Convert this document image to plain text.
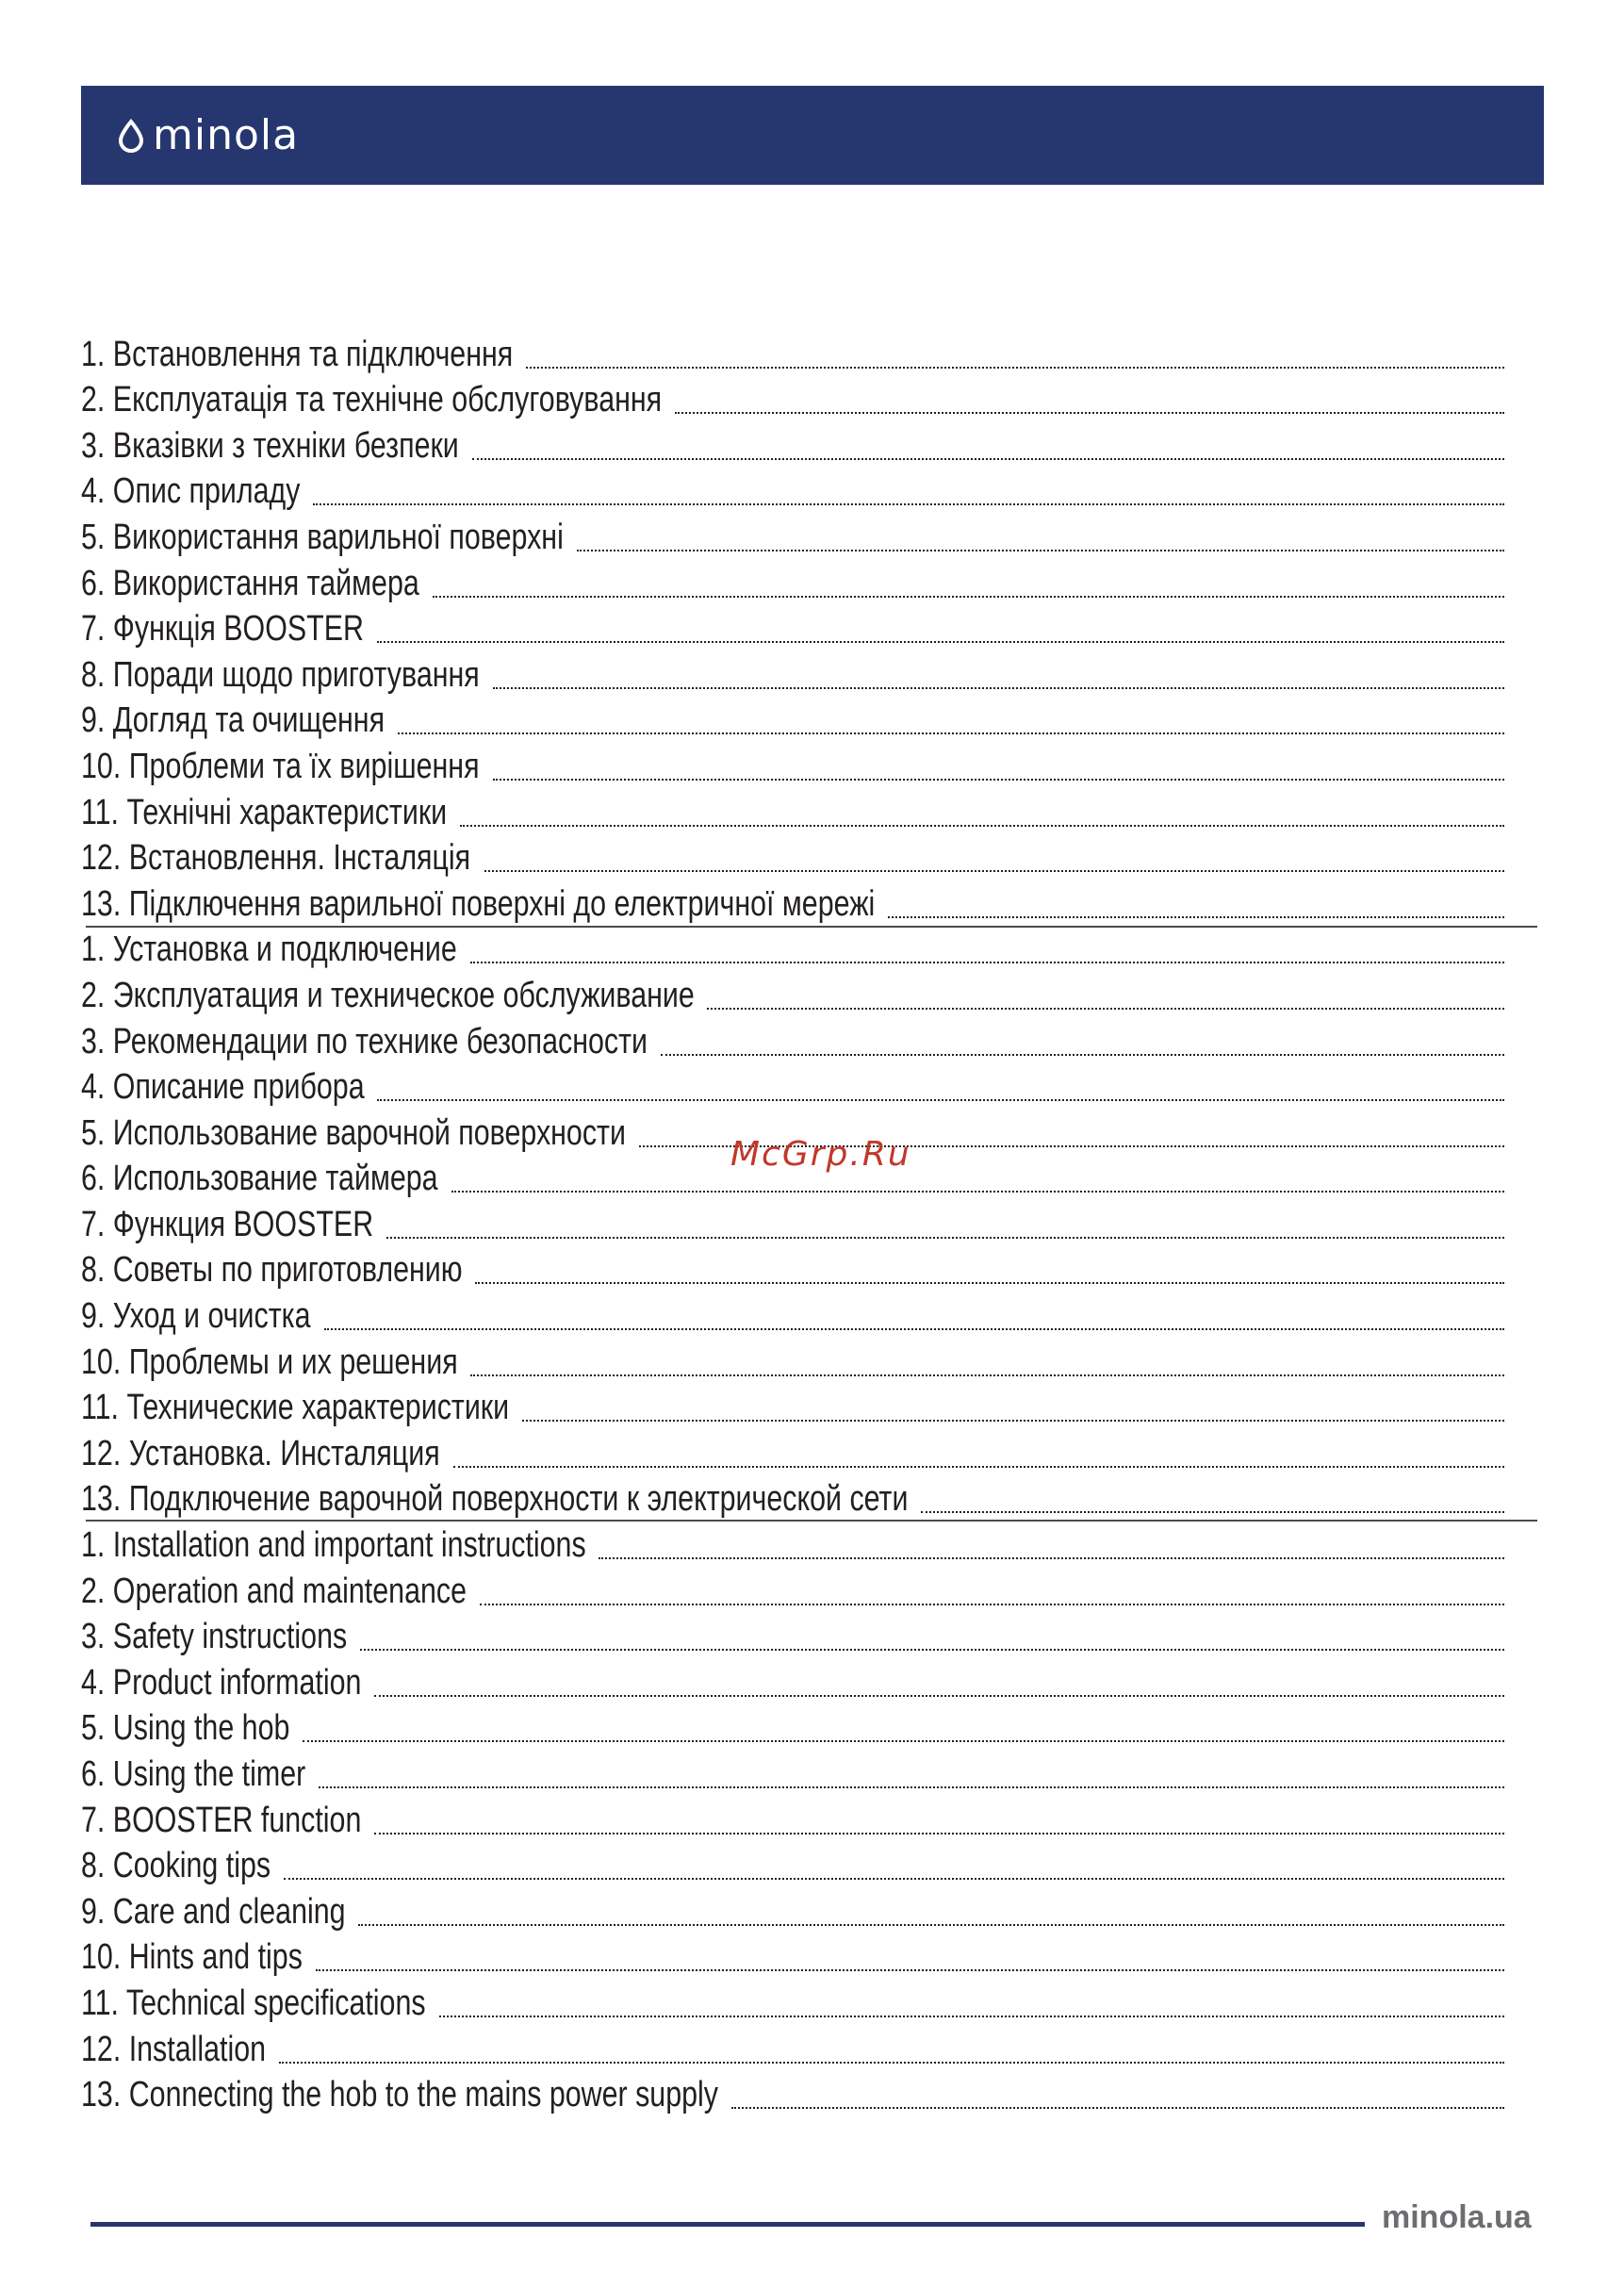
minola
1. Встановлення та підключення
2. Експлуатація та технічне обслуговування
3. Вказівки з техніки безпеки
4. Опис приладу
5. Використання варильної поверхні
6. Використання таймера
7. Функція BOOSTER
8. Поради щодо приготування
9. Догляд та очищення
10. Проблеми та їх вирішення
11. Технічні характеристики
12. Встановлення. Інсталяція
13. Підключення варильної поверхні до електричної мережі
1. Установка и подключение
2. Эксплуатация и техническое обслуживание
3. Рекомендации по технике безопасности
4. Описание прибора
5. Использование варочной поверхности
6. Использование таймера
7. Функция BOOSTER
8. Советы по приготовлению
9. Уход и очистка
10. Проблемы и их решения
11. Технические характеристики
12. Установка. Инсталяция
13. Подключение варочной поверхности к электрической сети
1. Installation and important instructions
2. Operation and maintenance
3. Safety instructions
4. Product information
5. Using the hob
6. Using the timer
7. BOOSTER function
8. Cooking tips
9. Care and cleaning
10. Hints and tips
11. Technical specifications
12. Installation
13. Connecting the hob to the mains power supply
McGrp.Ru
minola.ua
